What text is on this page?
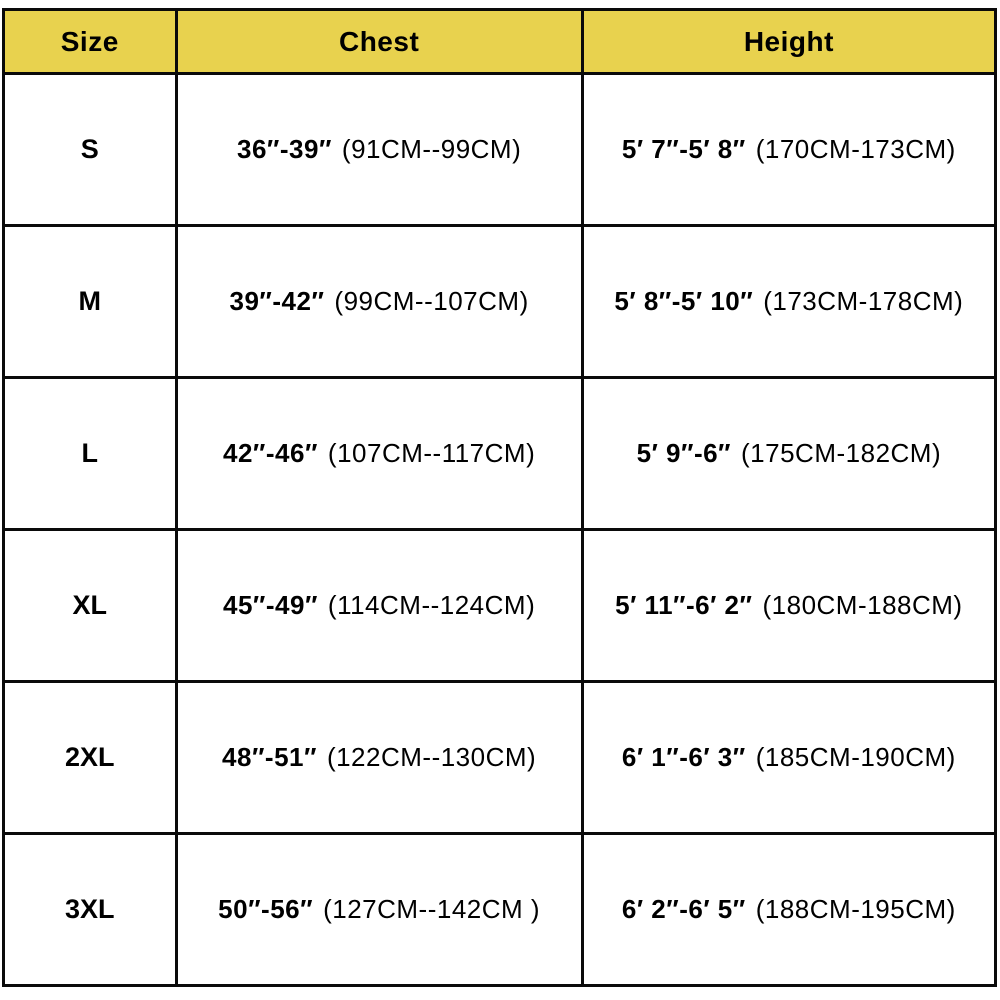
Size	Chest	Height
S	36″-39″ (91CM--99CM)	5′ 7″-5′ 8″ (170CM-173CM)
M	39″-42″ (99CM--107CM)	5′ 8″-5′ 10″ (173CM-178CM)
L	42″-46″ (107CM--117CM)	5′ 9″-6″ (175CM-182CM)
XL	45″-49″ (114CM--124CM)	5′ 11″-6′ 2″ (180CM-188CM)
2XL	48″-51″ (122CM--130CM)	6′ 1″-6′ 3″ (185CM-190CM)
3XL	50″-56″ (127CM--142CM )	6′ 2″-6′ 5″ (188CM-195CM)
